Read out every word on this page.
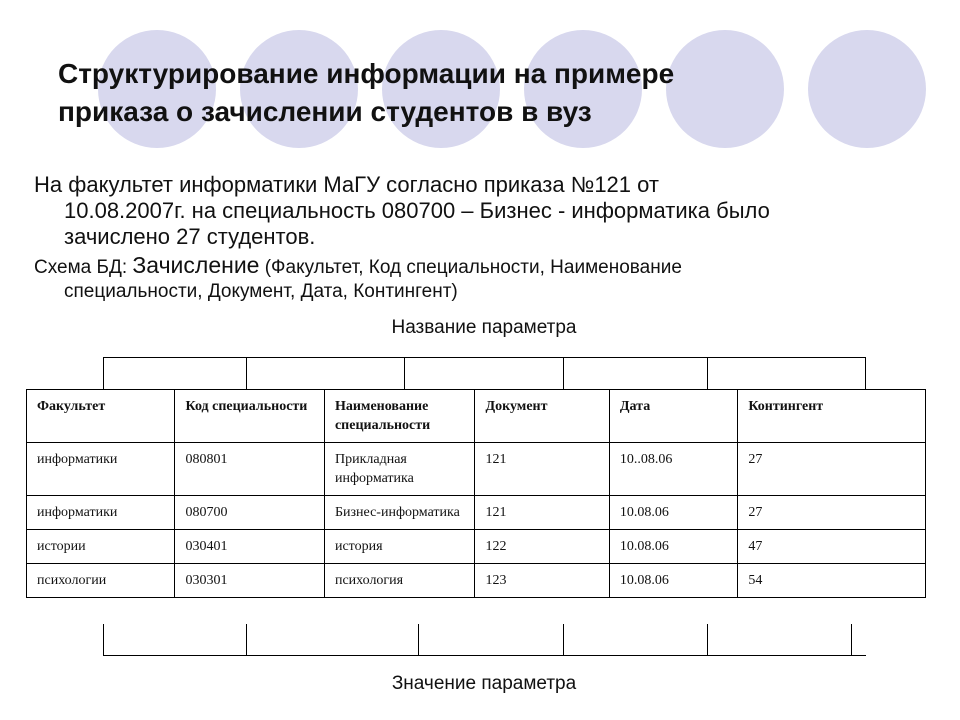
Структурирование информации на примере
приказа о зачислении студентов в вуз
На факультет информатики МаГУ согласно приказа №121 от
10.08.2007г. на специальность 080700 – Бизнес - информатика было
зачислено 27 студентов.
Схема БД: Зачисление (Факультет, Код специальности, Наименование
специальности, Документ, Дата, Контингент)
Название параметра
Факультет	Код специальности	Наименование специальности	Документ	Дата	Контингент
информатики	080801	Прикладная информатика	121	10..08.06	27
информатики	080700	Бизнес-информатика	121	10.08.06	27
истории	030401	история	122	10.08.06	47
психологии	030301	психология	123	10.08.06	54
Значение параметра
